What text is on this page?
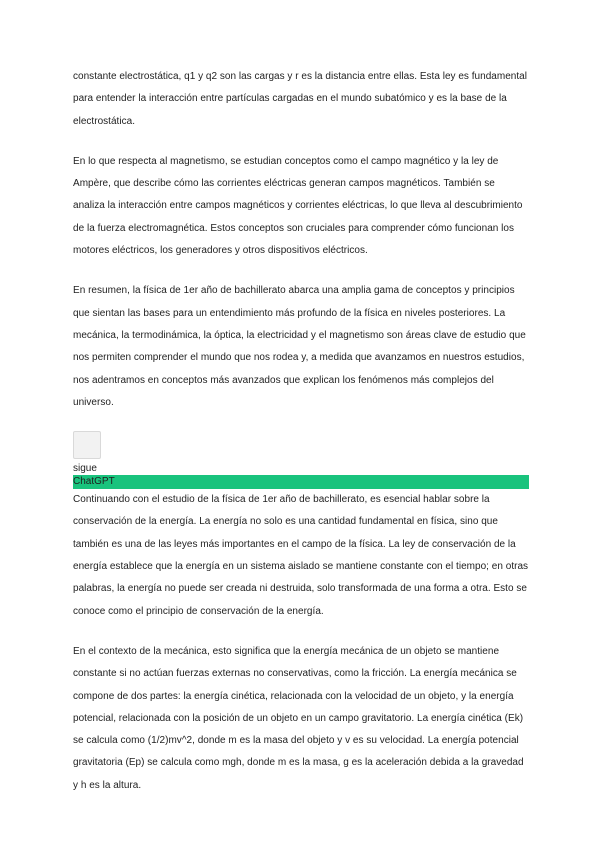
constante electrostática, q1 y q2 son las cargas y r es la distancia entre ellas. Esta ley es fundamental para entender la interacción entre partículas cargadas en el mundo subatómico y es la base de la electrostática.

En lo que respecta al magnetismo, se estudian conceptos como el campo magnético y la ley de Ampère, que describe cómo las corrientes eléctricas generan campos magnéticos. También se analiza la interacción entre campos magnéticos y corrientes eléctricas, lo que lleva al descubrimiento de la fuerza electromagnética. Estos conceptos son cruciales para comprender cómo funcionan los motores eléctricos, los generadores y otros dispositivos eléctricos.

En resumen, la física de 1er año de bachillerato abarca una amplia gama de conceptos y principios que sientan las bases para un entendimiento más profundo de la física en niveles posteriores. La mecánica, la termodinámica, la óptica, la electricidad y el magnetismo son áreas clave de estudio que nos permiten comprender el mundo que nos rodea y, a medida que avanzamos en nuestros estudios, nos adentramos en conceptos más avanzados que explican los fenómenos más complejos del universo.

sigue
ChatGPT

Continuando con el estudio de la física de 1er año de bachillerato, es esencial hablar sobre la conservación de la energía. La energía no solo es una cantidad fundamental en física, sino que también es una de las leyes más importantes en el campo de la física. La ley de conservación de la energía establece que la energía en un sistema aislado se mantiene constante con el tiempo; en otras palabras, la energía no puede ser creada ni destruida, solo transformada de una forma a otra. Esto se conoce como el principio de conservación de la energía.

En el contexto de la mecánica, esto significa que la energía mecánica de un objeto se mantiene constante si no actúan fuerzas externas no conservativas, como la fricción. La energía mecánica se compone de dos partes: la energía cinética, relacionada con la velocidad de un objeto, y la energía potencial, relacionada con la posición de un objeto en un campo gravitatorio. La energía cinética (Ek) se calcula como (1/2)mv^2, donde m es la masa del objeto y v es su velocidad. La energía potencial gravitatoria (Ep) se calcula como mgh, donde m es la masa, g es la aceleración debida a la gravedad y h es la altura.
